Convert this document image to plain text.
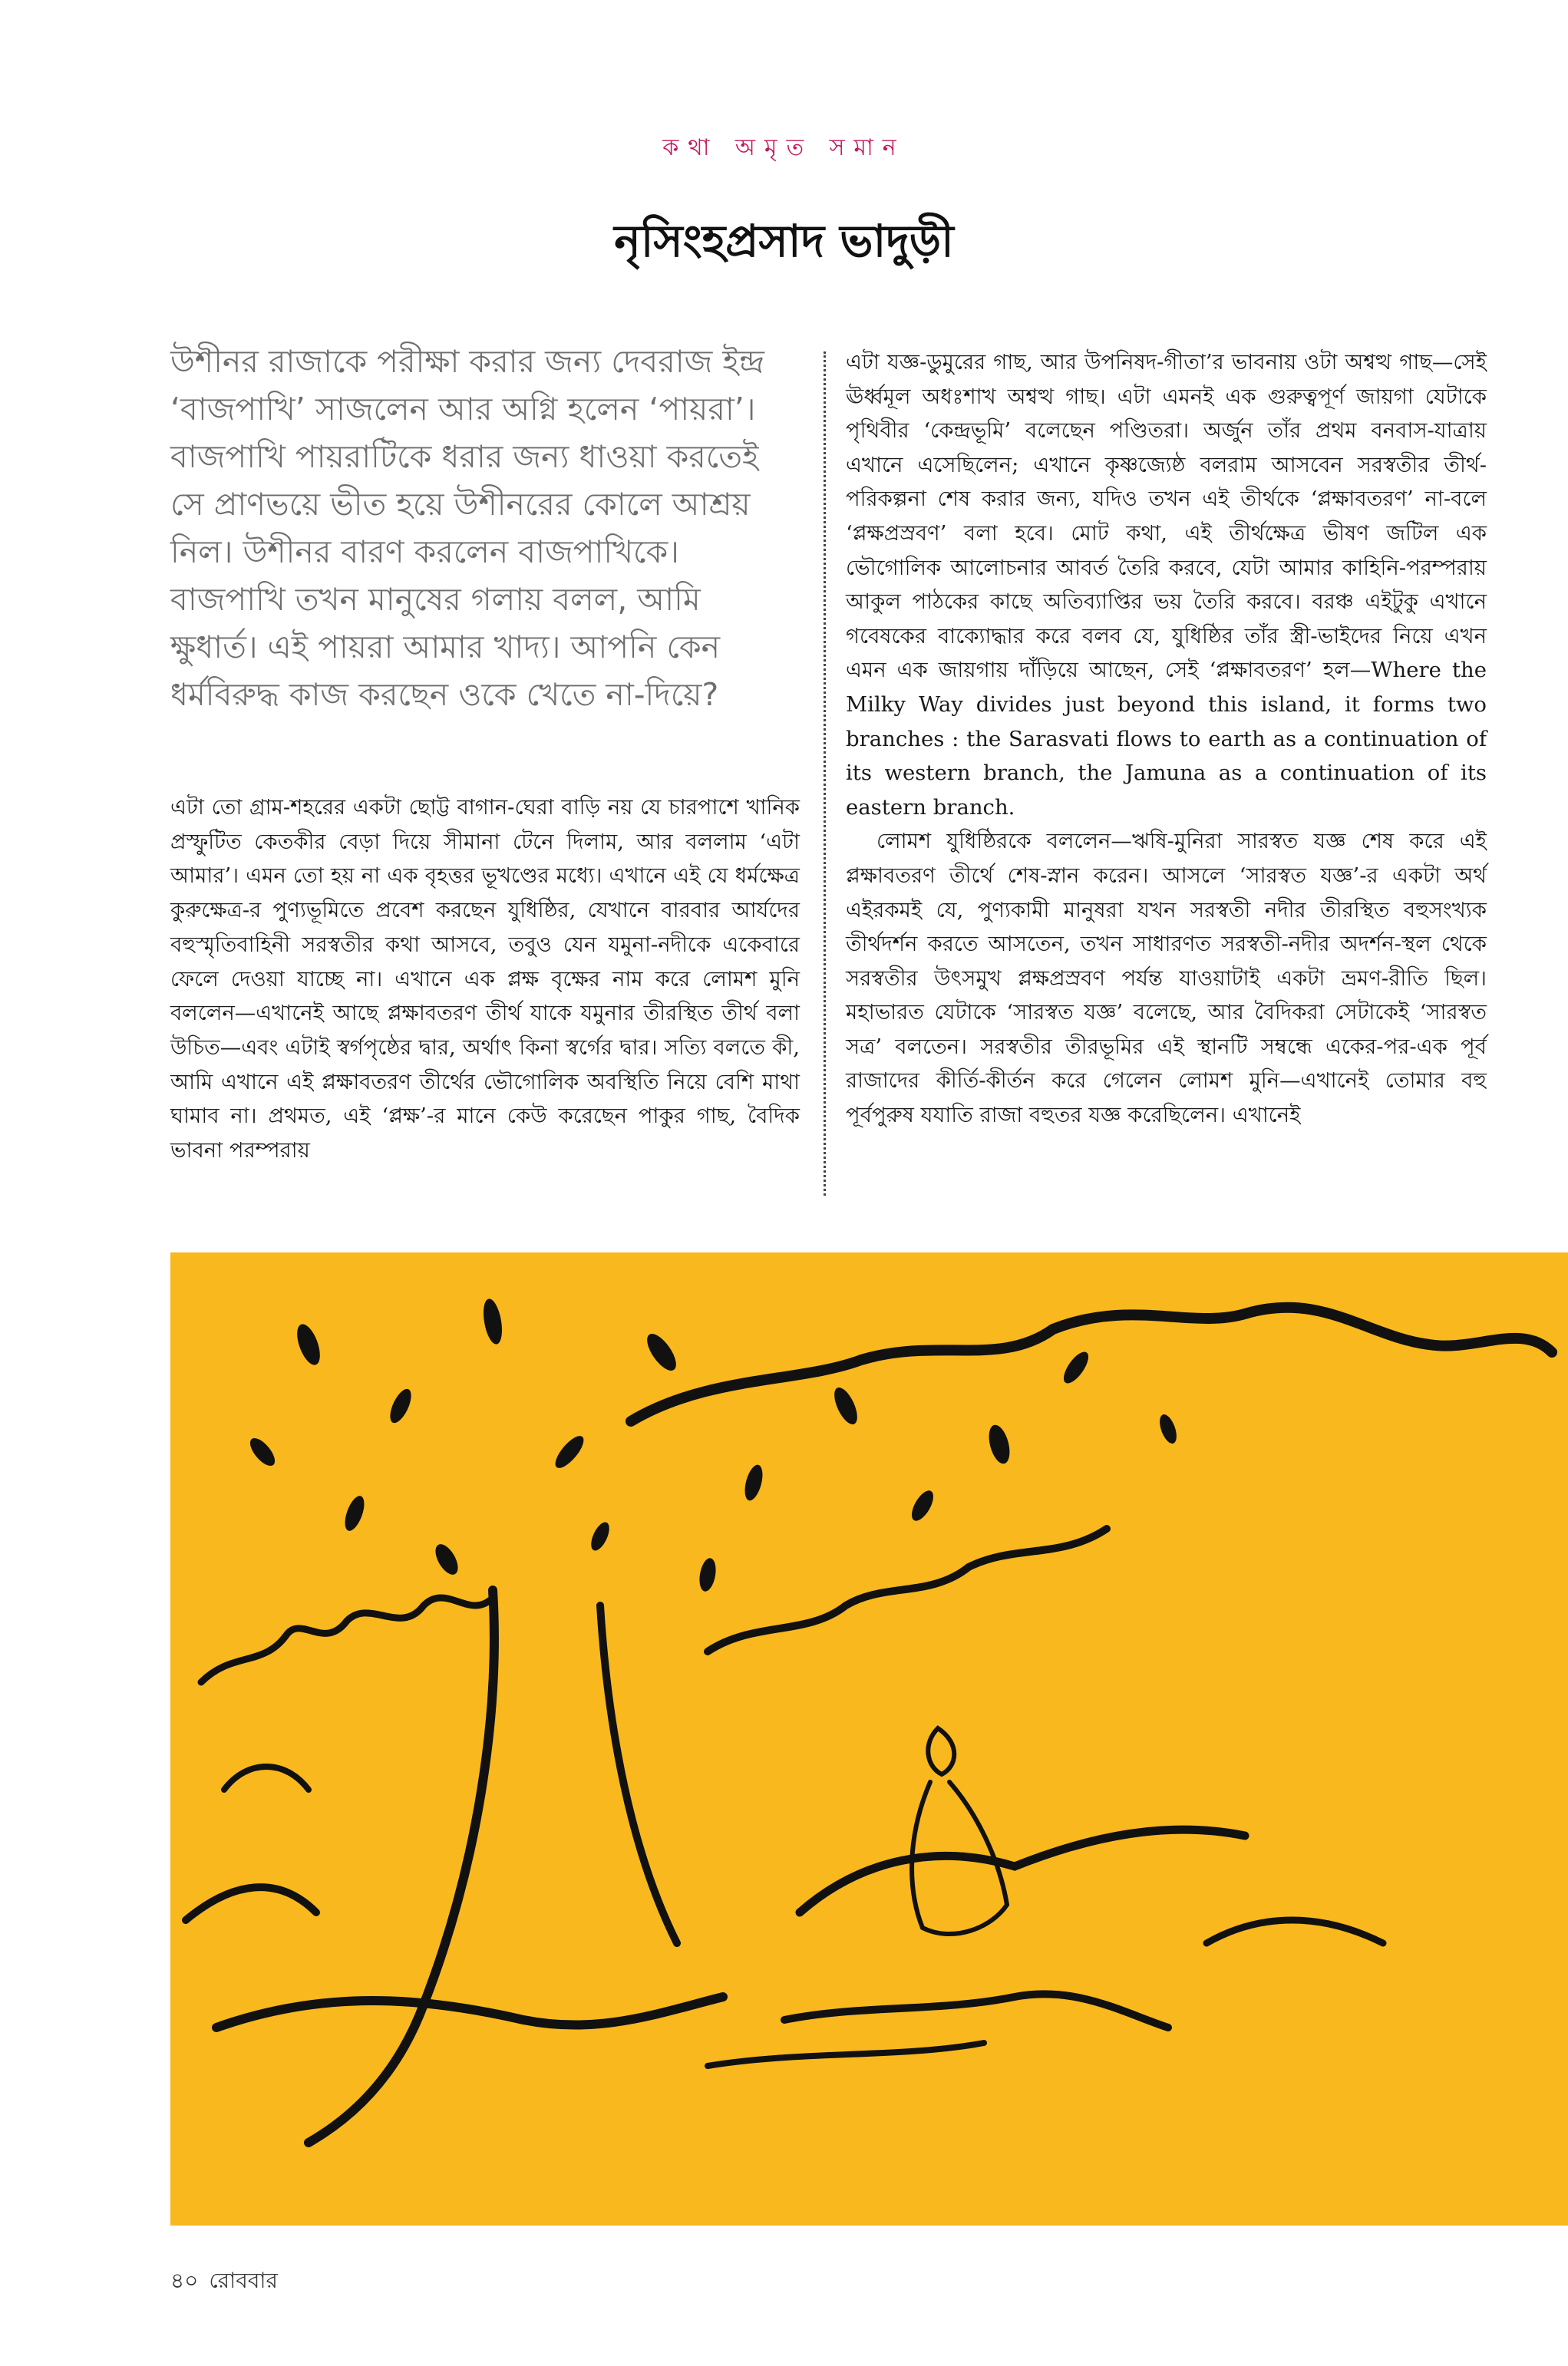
কথা অমৃত সমান
নৃসিংহপ্রসাদ ভাদুড়ী

উশীনর রাজাকে পরীক্ষা করার জন্য দেবরাজ ইন্দ্র ‘বাজপাখি’ সাজলেন আর অগ্নি হলেন ‘পায়রা’। বাজপাখি পায়রাটিকে ধরার জন্য ধাওয়া করতেই সে প্রাণভয়ে ভীত হয়ে উশীনরের কোলে আশ্রয় নিল। উশীনর বারণ করলেন বাজপাখিকে। বাজপাখি তখন মানুষের গলায় বলল, আমি ক্ষুধার্ত। এই পায়রা আমার খাদ্য। আপনি কেন ধর্মবিরুদ্ধ কাজ করছেন ওকে খেতে না-দিয়ে?

এটা তো গ্রাম-শহরের একটা ছোট্ট বাগান-ঘেরা বাড়ি নয় যে চারপাশে খানিক প্রস্ফুটিত কেতকীর বেড়া দিয়ে সীমানা টেনে দিলাম, আর বললাম ‘এটা আমার’। এমন তো হয় না এক বৃহত্তর ভূখণ্ডের মধ্যে। এখানে এই যে ধর্মক্ষেত্র কুরুক্ষেত্র-র পুণ্যভূমিতে প্রবেশ করছেন যুধিষ্ঠির, যেখানে বারবার আর্যদের বহুস্মৃতিবাহিনী সরস্বতীর কথা আসবে, তবুও যেন যমুনা-নদীকে একেবারে ফেলে দেওয়া যাচ্ছে না। এখানে এক প্লক্ষ বৃক্ষের নাম করে লোমশ মুনি বললেন—এখানেই আছে প্লক্ষাবতরণ তীর্থ যাকে যমুনার তীরস্থিত তীর্থ বলা উচিত—এবং এটাই স্বর্গপৃষ্ঠের দ্বার, অর্থাৎ কিনা স্বর্গের দ্বার। সত্যি বলতে কী, আমি এখানে এই প্লক্ষাবতরণ তীর্থের ভৌগোলিক অবস্থিতি নিয়ে বেশি মাথা ঘামাব না। প্রথমত, এই ‘প্লক্ষ’-র মানে কেউ করেছেন পাকুর গাছ, বৈদিক ভাবনা পরম্পরায়

এটা যজ্ঞ-ডুমুরের গাছ, আর উপনিষদ-গীতা’র ভাবনায় ওটা অশ্বত্থ গাছ—সেই ঊর্ধ্বমূল অধঃশাখ অশ্বত্থ গাছ। এটা এমনই এক গুরুত্বপূর্ণ জায়গা যেটাকে পৃথিবীর ‘কেন্দ্রভূমি’ বলেছেন পণ্ডিতরা। অর্জুন তাঁর প্রথম বনবাস-যাত্রায় এখানে এসেছিলেন; এখানে কৃষ্ণজ্যেষ্ঠ বলরাম আসবেন সরস্বতীর তীর্থ-পরিকল্পনা শেষ করার জন্য, যদিও তখন এই তীর্থকে ‘প্লক্ষাবতরণ’ না-বলে ‘প্লক্ষপ্রস্রবণ’ বলা হবে। মোট কথা, এই তীর্থক্ষেত্র ভীষণ জটিল এক ভৌগোলিক আলোচনার আবর্ত তৈরি করবে, যেটা আমার কাহিনি-পরম্পরায় আকুল পাঠকের কাছে অতিব্যাপ্তির ভয় তৈরি করবে। বরঞ্চ এইটুকু এখানে গবেষকের বাক্যোদ্ধার করে বলব যে, যুধিষ্ঠির তাঁর স্ত্রী-ভাইদের নিয়ে এখন এমন এক জায়গায় দাঁড়িয়ে আছেন, সেই ‘প্লক্ষাবতরণ’ হল—Where the Milky Way divides just beyond this island, it forms two branches : the Sarasvati flows to earth as a continuation of its western branch, the Jamuna as a continuation of its eastern branch.

লোমশ যুধিষ্ঠিরকে বললেন—ঋষি-মুনিরা সারস্বত যজ্ঞ শেষ করে এই প্লক্ষাবতরণ তীর্থে শেষ-স্নান করেন। আসলে ‘সারস্বত যজ্ঞ’-র একটা অর্থ এইরকমই যে, পুণ্যকামী মানুষরা যখন সরস্বতী নদীর তীরস্থিত বহুসংখ্যক তীর্থদর্শন করতে আসতেন, তখন সাধারণত সরস্বতী-নদীর অদর্শন-স্থল থেকে সরস্বতীর উৎসমুখ প্লক্ষপ্রস্রবণ পর্যন্ত যাওয়াটাই একটা ভ্রমণ-রীতি ছিল। মহাভারত যেটাকে ‘সারস্বত যজ্ঞ’ বলেছে, আর বৈদিকরা সেটাকেই ‘সারস্বত সত্র’ বলতেন। সরস্বতীর তীরভূমির এই স্থানটি সম্বন্ধে একের-পর-এক পূর্ব রাজাদের কীর্তি-কীর্তন করে গেলেন লোমশ মুনি—এখানেই তোমার বহু পূর্বপুরুষ যযাতি রাজা বহুতর যজ্ঞ করেছিলেন। এখানেই

৪০ রোববার
